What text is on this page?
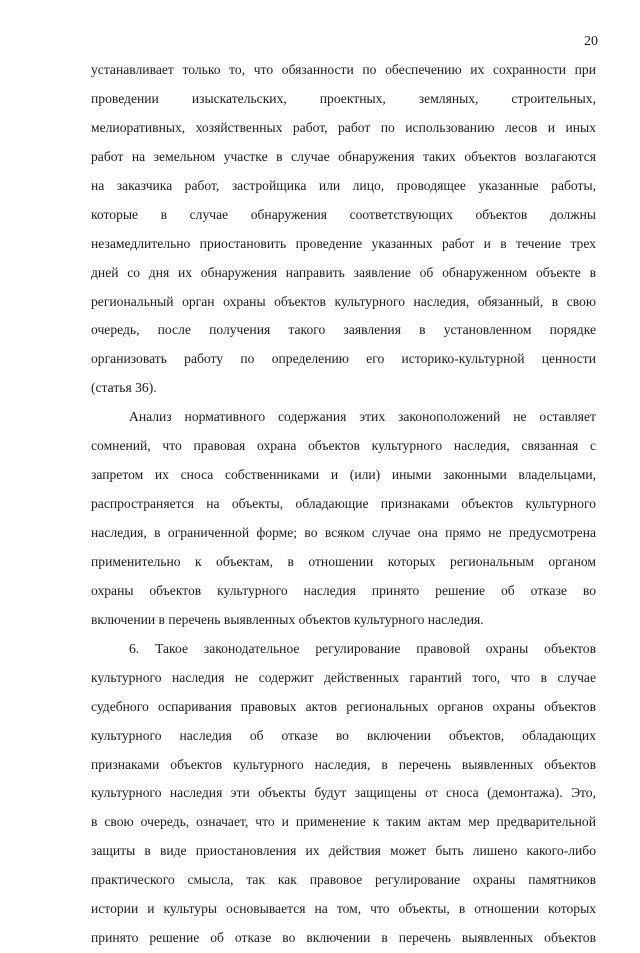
20
устанавливает только то, что обязанности по обеспечению их сохранности при
проведении изыскательских, проектных, земляных, строительных,
мелиоративных, хозяйственных работ, работ по использованию лесов и иных
работ на земельном участке в случае обнаружения таких объектов возлагаются
на заказчика работ, застройщика или лицо, проводящее указанные работы,
которые в случае обнаружения соответствующих объектов должны
незамедлительно приостановить проведение указанных работ и в течение трех
дней со дня их обнаружения направить заявление об обнаруженном объекте в
региональный орган охраны объектов культурного наследия, обязанный, в свою
очередь, после получения такого заявления в установленном порядке
организовать работу по определению его историко-культурной ценности
(статья 36).
Анализ нормативного содержания этих законоположений не оставляет
сомнений, что правовая охрана объектов культурного наследия, связанная с
запретом их сноса собственниками и (или) иными законными владельцами,
распространяется на объекты, обладающие признаками объектов культурного
наследия, в ограниченной форме; во всяком случае она прямо не предусмотрена
применительно к объектам, в отношении которых региональным органом
охраны объектов культурного наследия принято решение об отказе во
включении в перечень выявленных объектов культурного наследия.
6. Такое законодательное регулирование правовой охраны объектов
культурного наследия не содержит действенных гарантий того, что в случае
судебного оспаривания правовых актов региональных органов охраны объектов
культурного наследия об отказе во включении объектов, обладающих
признаками объектов культурного наследия, в перечень выявленных объектов
культурного наследия эти объекты будут защищены от сноса (демонтажа). Это,
в свою очередь, означает, что и применение к таким актам мер предварительной
защиты в виде приостановления их действия может быть лишено какого-либо
практического смысла, так как правовое регулирование охраны памятников
истории и культуры основывается на том, что объекты, в отношении которых
принято решение об отказе во включении в перечень выявленных объектов
